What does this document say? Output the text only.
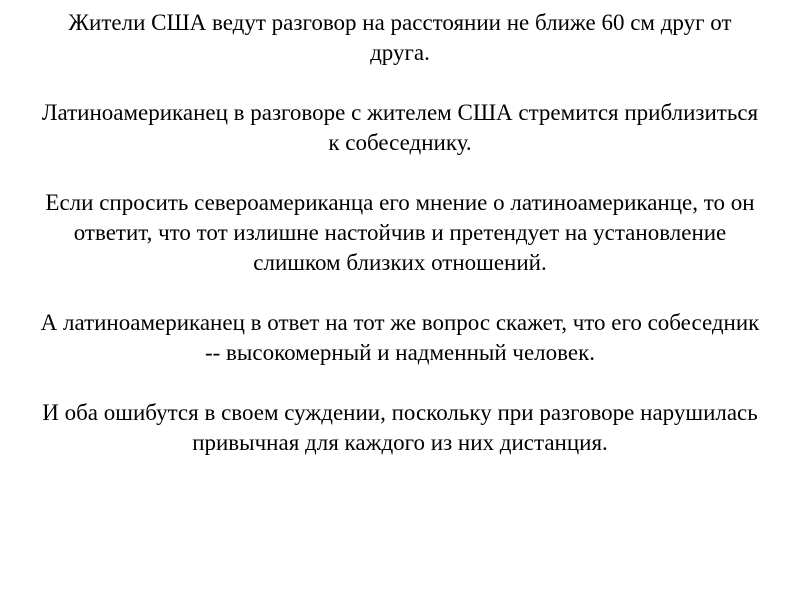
Жители США ведут разговор на расстоянии не ближе 60 см друг от друга.

Латиноамериканец в разговоре с жителем США стремится приблизиться к собеседнику.

Если спросить североамериканца его мнение о латиноамериканце, то он ответит, что тот излишне настойчив и претендует на установление слишком близких отношений.

А латиноамериканец в ответ на тот же вопрос скажет, что его собеседник -- высокомерный и надменный человек.

И оба ошибутся в своем суждении, поскольку при разговоре нарушилась привычная для каждого из них дистанция.
